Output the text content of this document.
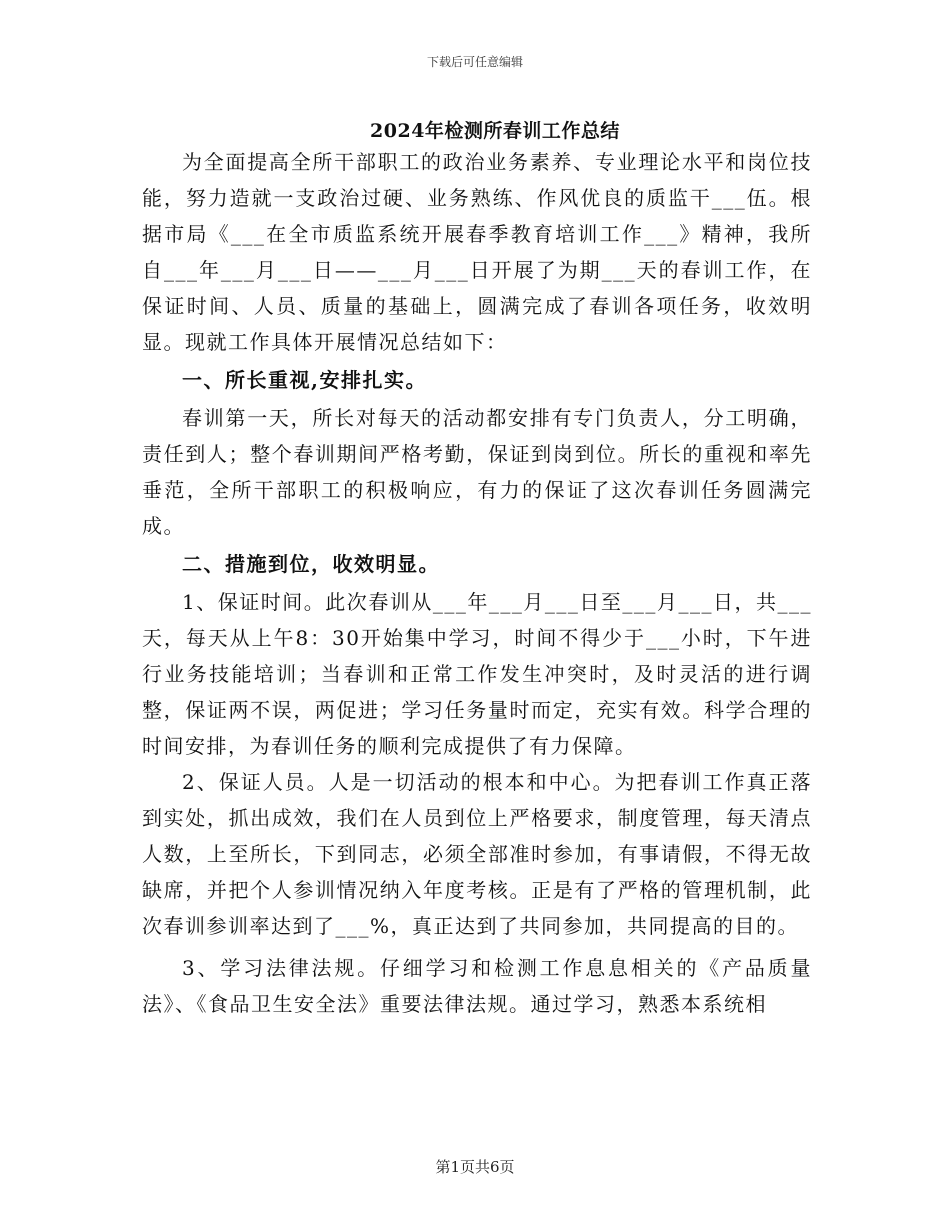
下载后可任意编辑
2024年检测所春训工作总结

为全面提高全所干部职工的政治业务素养、专业理论水平和岗位技能，努力造就一支政治过硬、业务熟练、作风优良的质监干___伍。根据市局《___在全市质监系统开展春季教育培训工作___》精神，我所自___年___月___日——___月___日开展了为期___天的春训工作，在保证时间、人员、质量的基础上，圆满完成了春训各项任务，收效明显。现就工作具体开展情况总结如下：

一、所长重视,安排扎实。

春训第一天，所长对每天的活动都安排有专门负责人，分工明确，责任到人；整个春训期间严格考勤，保证到岗到位。所长的重视和率先垂范，全所干部职工的积极响应，有力的保证了这次春训任务圆满完成。

二、措施到位，收效明显。

1、保证时间。此次春训从___年___月___日至___月___日，共___天，每天从上午8：30开始集中学习，时间不得少于___小时，下午进行业务技能培训；当春训和正常工作发生冲突时，及时灵活的进行调整，保证两不误，两促进；学习任务量时而定，充实有效。科学合理的时间安排，为春训任务的顺利完成提供了有力保障。

2、保证人员。人是一切活动的根本和中心。为把春训工作真正落到实处，抓出成效，我们在人员到位上严格要求，制度管理，每天清点人数，上至所长，下到同志，必须全部准时参加，有事请假，不得无故缺席，并把个人参训情况纳入年度考核。正是有了严格的管理机制，此次春训参训率达到了___%，真正达到了共同参加，共同提高的目的。

3、学习法律法规。仔细学习和检测工作息息相关的《产品质量法》、《食品卫生安全法》重要法律法规。通过学习，熟悉本系统相

第1页共6页
